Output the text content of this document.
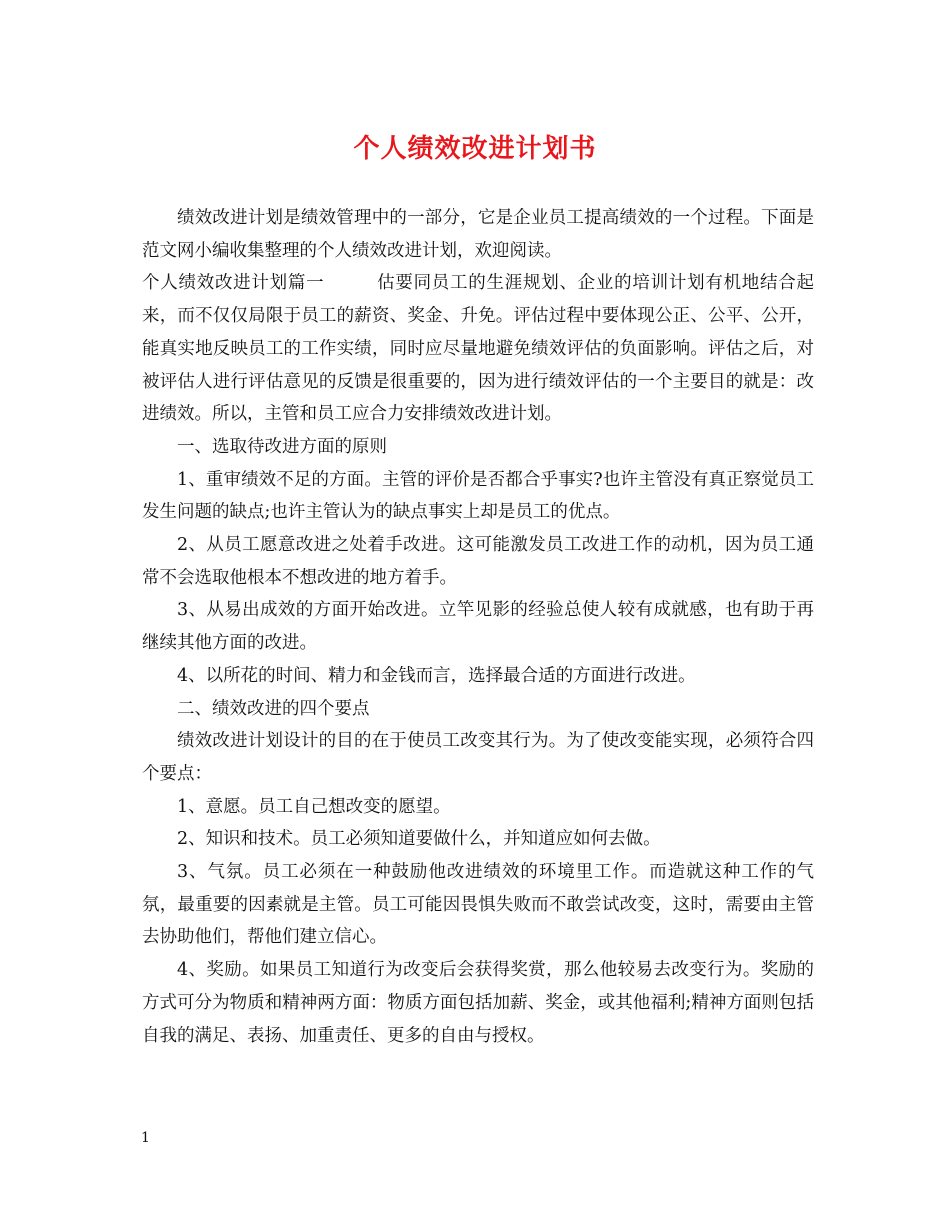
个人绩效改进计划书

绩效改进计划是绩效管理中的一部分，它是企业员工提高绩效的一个过程。下面是范文网小编收集整理的个人绩效改进计划，欢迎阅读。

个人绩效改进计划篇一	估要同员工的生涯规划、企业的培训计划有机地结合起来，而不仅仅局限于员工的薪资、奖金、升免。评估过程中要体现公正、公平、公开，能真实地反映员工的工作实绩，同时应尽量地避免绩效评估的负面影响。评估之后，对被评估人进行评估意见的反馈是很重要的，因为进行绩效评估的一个主要目的就是：改进绩效。所以，主管和员工应合力安排绩效改进计划。

一、选取待改进方面的原则

1、重审绩效不足的方面。主管的评价是否都合乎事实?也许主管没有真正察觉员工发生问题的缺点;也许主管认为的缺点事实上却是员工的优点。

2、从员工愿意改进之处着手改进。这可能激发员工改进工作的动机，因为员工通常不会选取他根本不想改进的地方着手。

3、从易出成效的方面开始改进。立竿见影的经验总使人较有成就感，也有助于再继续其他方面的改进。

4、以所花的时间、精力和金钱而言，选择最合适的方面进行改进。

二、绩效改进的四个要点

绩效改进计划设计的目的在于使员工改变其行为。为了使改变能实现，必须符合四个要点：

1、意愿。员工自己想改变的愿望。

2、知识和技术。员工必须知道要做什么，并知道应如何去做。

3、气氛。员工必须在一种鼓励他改进绩效的环境里工作。而造就这种工作的气氛，最重要的因素就是主管。员工可能因畏惧失败而不敢尝试改变，这时，需要由主管去协助他们，帮他们建立信心。

4、奖励。如果员工知道行为改变后会获得奖赏，那么他较易去改变行为。奖励的方式可分为物质和精神两方面：物质方面包括加薪、奖金，或其他福利;精神方面则包括自我的满足、表扬、加重责任、更多的自由与授权。

1
